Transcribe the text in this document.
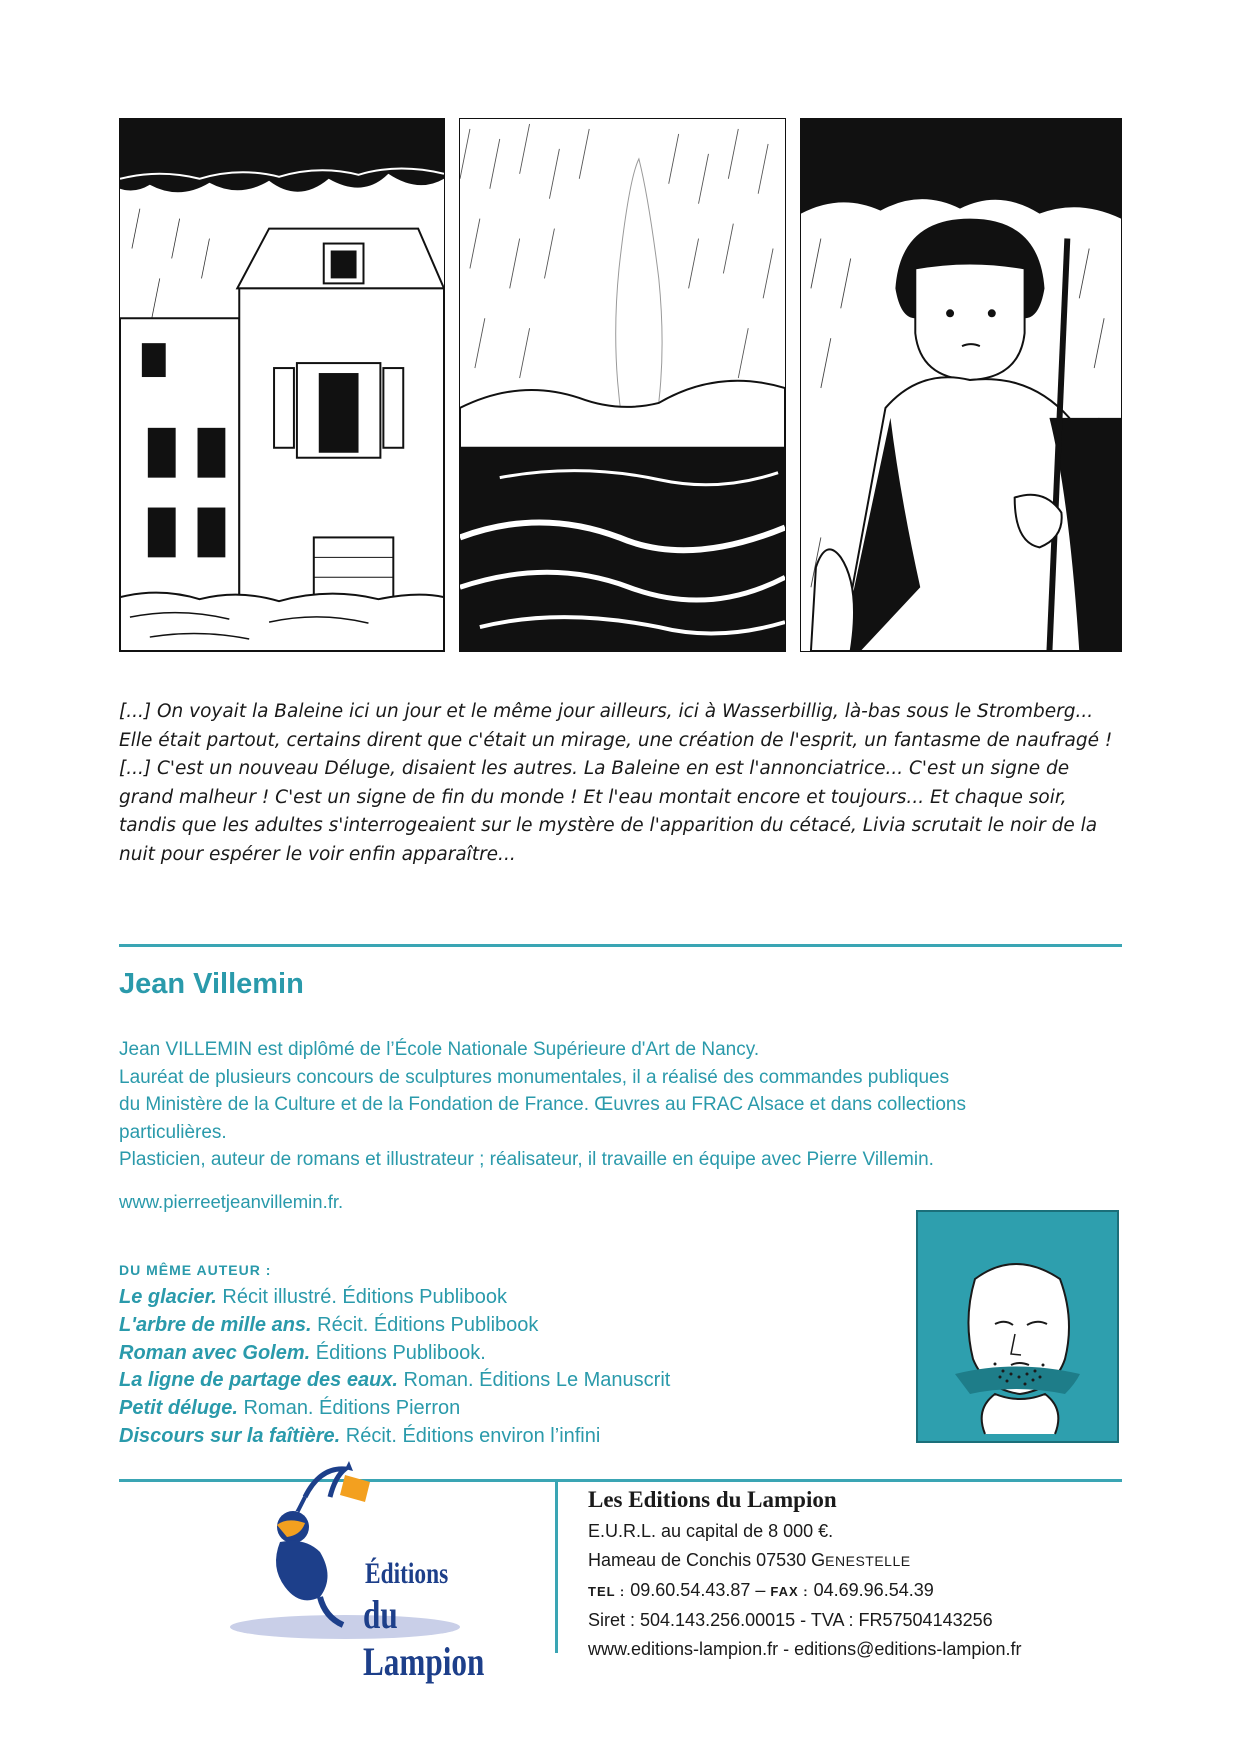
[...] On voyait la Baleine ici un jour et le même jour ailleurs, ici à Wasserbillig, là-bas sous le Stromberg...
Elle était partout, certains dirent que c'était un mirage, une création de l'esprit, un fantasme de naufragé !
[...] C'est un nouveau Déluge, disaient les autres. La Baleine en est l'annonciatrice... C'est un signe de
grand malheur ! C'est un signe de fin du monde ! Et l'eau montait encore et toujours... Et chaque soir,
tandis que les adultes s'interrogeaient sur le mystère de l'apparition du cétacé, Livia scrutait le noir de la
nuit pour espérer le voir enfin apparaître...

Jean Villemin

Jean VILLEMIN est diplômé de l’École Nationale Supérieure d'Art de Nancy.
Lauréat de plusieurs concours de sculptures monumentales, il a réalisé des commandes publiques
du Ministère de la Culture et de la Fondation de France. Œuvres au FRAC Alsace et dans collections
particulières.
Plasticien, auteur de romans et illustrateur ; réalisateur, il travaille en équipe avec Pierre Villemin.

www.pierreetjeanvillemin.fr.

DU MÊME AUTEUR :

Le glacier. Récit illustré. Éditions Publibook
L'arbre de mille ans. Récit. Éditions Publibook
Roman avec Golem. Éditions Publibook.
La ligne de partage des eaux. Roman. Éditions Le Manuscrit
Petit déluge. Roman. Éditions Pierron
Discours sur la faîtière. Récit. Éditions environ l’infini
Éditions
du Lampion

Les Editions du Lampion

E.U.R.L. au capital de 8 000 €.

Hameau de Conchis 07530 GENESTELLE

TEL : 09.60.54.43.87 – FAX : 04.69.96.54.39

Siret : 504.143.256.00015 - TVA : FR57504143256

www.editions-lampion.fr - editions@editions-lampion.fr
